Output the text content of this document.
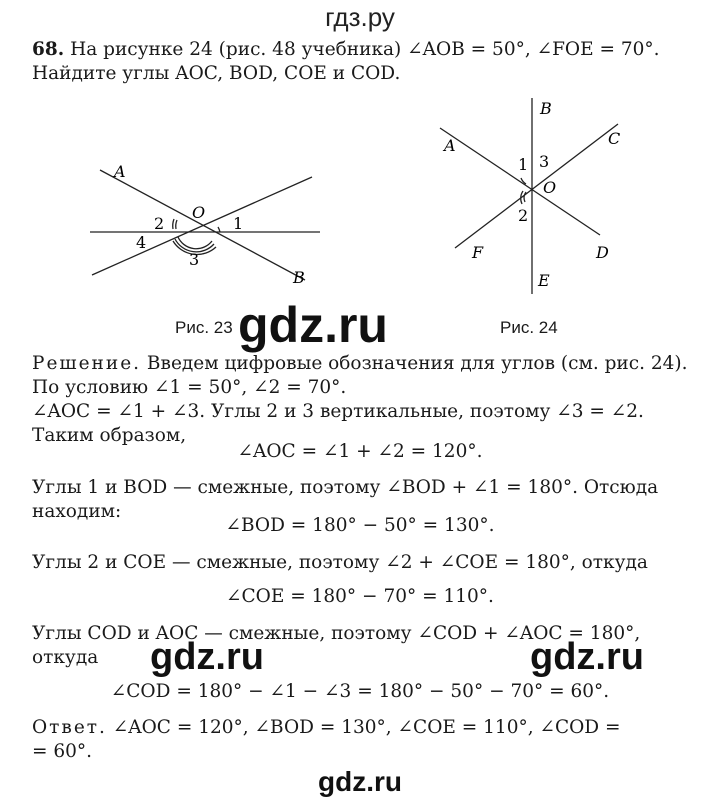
гдз.ру
68. На рисунке 24 (рис. 48 учебника) ∠AOB = 50°, ∠FOE = 70°.
Найдите углы AOC, BOD, COE и COD.
A
O
1
2
3
4
B
Рис. 23
B
A	C
O
1 3
2
F	D
E
Рис. 24
gdz.ru
Решение. Введем цифровые обозначения для углов (см. рис. 24).
По условию ∠1 = 50°, ∠2 = 70°.
∠AOC = ∠1 + ∠3. Углы 2 и 3 вертикальные, поэтому ∠3 = ∠2.
Таким образом,
∠AOC = ∠1 + ∠2 = 120°.
Углы 1 и BOD — смежные, поэтому ∠BOD + ∠1 = 180°. Отсюда
находим:
∠BOD = 180° − 50° = 130°.
Углы 2 и COE — смежные, поэтому ∠2 + ∠COE = 180°, откуда
∠COE = 180° − 70° = 110°.
Углы COD и AOC — смежные, поэтому ∠COD + ∠AOC = 180°,
откуда gdz.ru	gdz.ru
∠COD = 180° − ∠1 − ∠3 = 180° − 50° − 70° = 60°.
Ответ. ∠AOC = 120°, ∠BOD = 130°, ∠COE = 110°, ∠COD =
= 60°.
gdz.ru
